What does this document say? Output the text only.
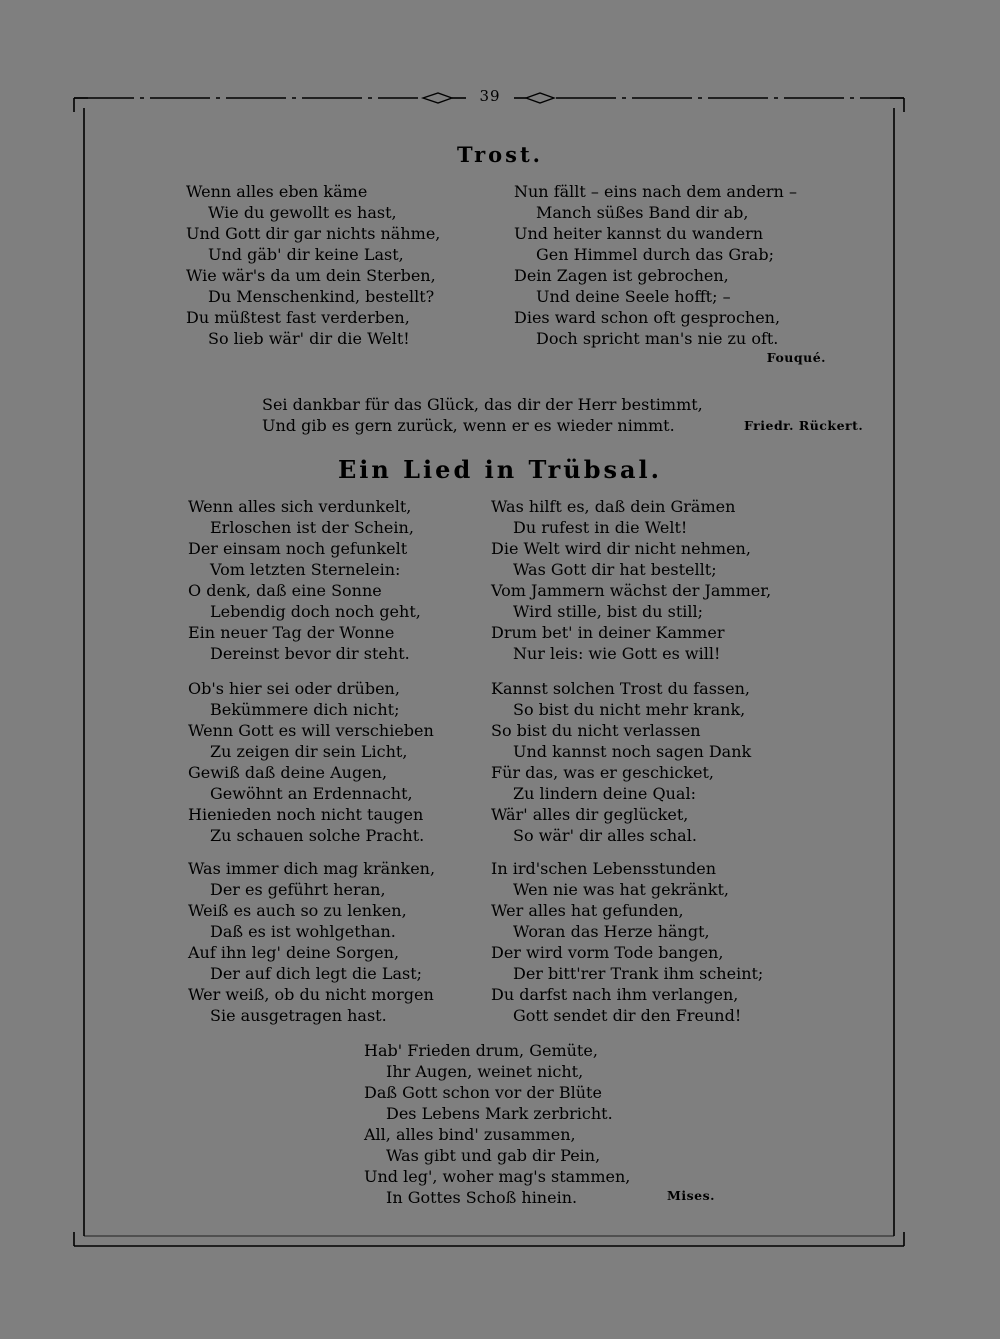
39
Trost.
Wenn alles eben käme
Wie du gewollt es hast,
Und Gott dir gar nichts nähme,
Und gäb' dir keine Last,
Wie wär's da um dein Sterben,
Du Menschenkind, bestellt?
Du müßtest fast verderben,
So lieb wär' dir die Welt!
Nun fällt – eins nach dem andern –
Manch süßes Band dir ab,
Und heiter kannst du wandern
Gen Himmel durch das Grab;
Dein Zagen ist gebrochen,
Und deine Seele hofft; –
Dies ward schon oft gesprochen,
Doch spricht man's nie zu oft.
Fouqué.
Sei dankbar für das Glück, das dir der Herr bestimmt,
Und gib es gern zurück, wenn er es wieder nimmt.	Friedr. Rückert.
Ein Lied in Trübsal.
Wenn alles sich verdunkelt,
Erloschen ist der Schein,
Der einsam noch gefunkelt
Vom letzten Sternelein:
O denk, daß eine Sonne
Lebendig doch noch geht,
Ein neuer Tag der Wonne
Dereinst bevor dir steht.
Was hilft es, daß dein Grämen
Du rufest in die Welt!
Die Welt wird dir nicht nehmen,
Was Gott dir hat bestellt;
Vom Jammern wächst der Jammer,
Wird stille, bist du still;
Drum bet' in deiner Kammer
Nur leis: wie Gott es will!
Ob's hier sei oder drüben,
Bekümmere dich nicht;
Wenn Gott es will verschieben
Zu zeigen dir sein Licht,
Gewiß daß deine Augen,
Gewöhnt an Erdennacht,
Hienieden noch nicht taugen
Zu schauen solche Pracht.
Kannst solchen Trost du fassen,
So bist du nicht mehr krank,
So bist du nicht verlassen
Und kannst noch sagen Dank
Für das, was er geschicket,
Zu lindern deine Qual:
Wär' alles dir geglücket,
So wär' dir alles schal.
Was immer dich mag kränken,
Der es geführt heran,
Weiß es auch so zu lenken,
Daß es ist wohlgethan.
Auf ihn leg' deine Sorgen,
Der auf dich legt die Last;
Wer weiß, ob du nicht morgen
Sie ausgetragen hast.
In ird'schen Lebensstunden
Wen nie was hat gekränkt,
Wer alles hat gefunden,
Woran das Herze hängt,
Der wird vorm Tode bangen,
Der bitt'rer Trank ihm scheint;
Du darfst nach ihm verlangen,
Gott sendet dir den Freund!
Hab' Frieden drum, Gemüte,
Ihr Augen, weinet nicht,
Daß Gott schon vor der Blüte
Des Lebens Mark zerbricht.
All, alles bind' zusammen,
Was gibt und gab dir Pein,
Und leg', woher mag's stammen,
In Gottes Schoß hinein.	Mises.
